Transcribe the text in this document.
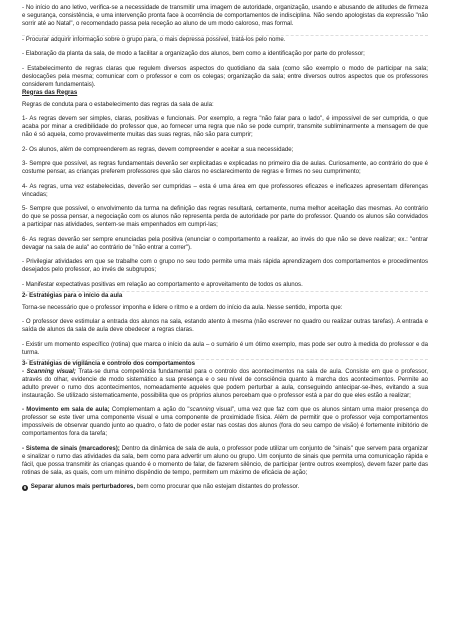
- No início do ano letivo, verifica-se a necessidade de transmitir uma imagem de autoridade, organização, usando e abusando de atitudes de firmeza e segurança, consistência, e uma intervenção pronta face à ocorrência de comportamentos de indisciplina. Não sendo apologistas da expressão "não sorrir até ao Natal", o recomendado passa pela receção ao aluno de um modo caloroso, mas formal.

- Procurar adquirir informação sobre o grupo para, o mais depressa possível, tratá-los pelo nome.

- Elaboração da planta da sala, de modo a facilitar a organização dos alunos, bem como a identificação por parte do professor;

- Estabelecimento de regras claras que regulem diversos aspectos do quotidiano da sala (como são exemplo o modo de participar na sala; deslocações pela mesma; comunicar com o professor e com os colegas; organização da sala; entre diversos outros aspectos que os professores considerem fundamentais).

Regras das Regras

Regras de conduta para o estabelecimento das regras da sala de aula:

1- As regras devem ser simples, claras, positivas e funcionais. Por exemplo, a regra "não falar para o lado", é impossível de ser cumprida, o que acaba por minar a credibilidade do professor que, ao fornecer uma regra que não se pode cumprir, transmite subliminarmente a mensagem de que não é só aquela, como provavelmente muitas das suas regras, não são para cumprir;

2- Os alunos, além de compreenderem as regras, devem compreender e aceitar a sua necessidade;

3- Sempre que possível, as regras fundamentais deverão ser explicitadas e explicadas no primeiro dia de aulas. Curiosamente, ao contrário do que é costume pensar, as crianças preferem professores que são claros no esclarecimento de regras e firmes no seu cumprimento;

4- As regras, uma vez estabelecidas, deverão ser cumpridas – esta é uma área em que professores eficazes e ineficazes apresentam diferenças vincadas;

5- Sempre que possível, o envolvimento da turma na definição das regras resultará, certamente, numa melhor aceitação das mesmas. Ao contrário do que se possa pensar, a negociação com os alunos não representa perda de autoridade por parte do professor. Quando os alunos são convidados a participar nas atividades, sentem-se mais empenhados em cumpri-las;

6- As regras deverão ser sempre enunciadas pela positiva (enunciar o comportamento a realizar, ao invés do que não se deve realizar; ex.: "entrar devagar na sala de aula" ao contrário de "não entrar a correr").

- Privilegiar atividades em que se trabalhe com o grupo no seu todo permite uma mais rápida aprendizagem dos comportamentos e procedimentos desejados pelo professor, ao invés de subgrupos;

- Manifestar expectativas positivas em relação ao comportamento e aproveitamento de todos os alunos.

2- Estratégias para o início da aula

Torna-se necessário que o professor imponha e lidere o ritmo e a ordem do início da aula. Nesse sentido, importa que:

- O professor deve estimular a entrada dos alunos na sala, estando atento à mesma (não escrever no quadro ou realizar outras tarefas). A entrada e saída de alunos da sala de aula deve obedecer a regras claras.

- Existir um momento específico (rotina) que marca o início da aula – o sumário é um ótimo exemplo, mas pode ser outro à medida do professor e da turma.

3- Estratégias de vigilância e controlo dos comportamentos

- Scanning visual; Trata-se duma competência fundamental para o controlo dos acontecimentos na sala de aula. Consiste em que o professor, através do olhar, evidencie de modo sistemático a sua presença e o seu nível de consciência quanto à marcha dos acontecimentos. Permite ao adulto prever o rumo dos acontecimentos, nomeadamente aqueles que podem perturbar a aula, conseguindo antecipar-se-lhes, evitando a sua instauração. Se utilizado sistematicamente, possibilita que os próprios alunos percebam que o professor está a par do que eles estão a realizar;

- Movimento em sala de aula; Complementam a ação do "scanning visual", uma vez que faz com que os alunos sintam uma maior presença do professor se este tiver uma componente visual e uma componente de proximidade física. Além de permitir que o professor veja comportamentos impossíveis de observar quando junto ao quadro, o fato de poder estar nas costas dos alunos (fora do seu campo de visão) é fortemente inibitório de comportamentos fora da tarefa;

- Sistema de sinais (marcadores); Dentro da dinâmica de sala de aula, o professor pode utilizar um conjunto de "sinais" que servem para organizar e sinalizar o rumo das atividades da sala, bem como para advertir um aluno ou grupo. Um conjunto de sinais que permita uma comunicação rápida e fácil, que possa transmitir às crianças quando é o momento de falar, de fazerem silêncio, de participar (entre outros exemplos), devem fazer parte das rotinas de sala, as quais, com um mínimo dispêndio de tempo, permitem um máximo de eficácia de ação;

6 Separar alunos mais perturbadores, bem como procurar que não estejam distantes do professor.
